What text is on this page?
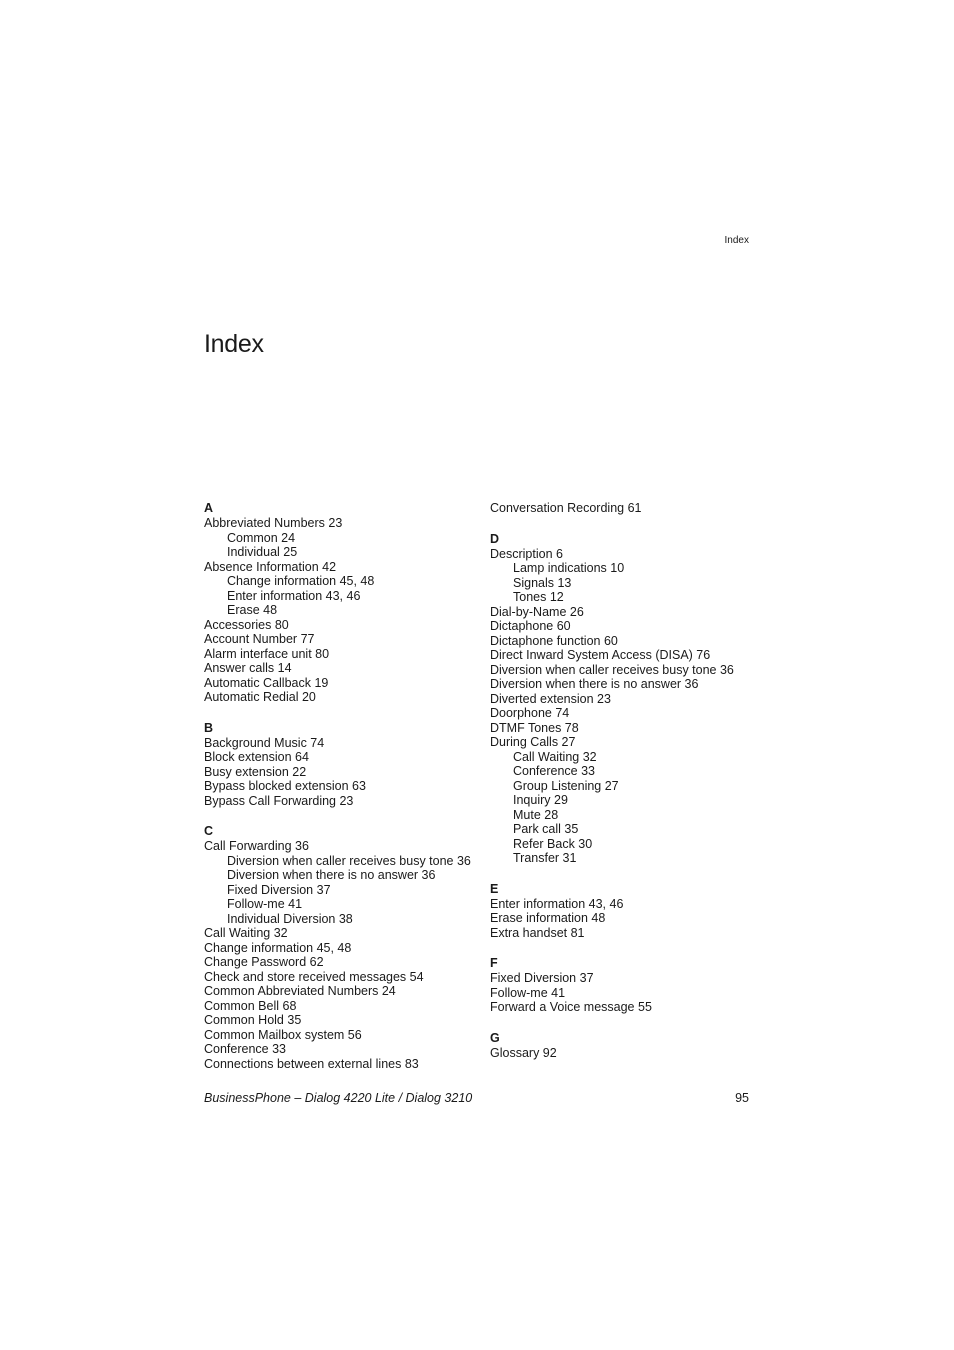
Index
Index
A
Abbreviated Numbers 23
Common 24
Individual 25
Absence Information 42
Change information 45, 48
Enter information 43, 46
Erase 48
Accessories 80
Account Number 77
Alarm interface unit 80
Answer calls 14
Automatic Callback 19
Automatic Redial 20
B
Background Music 74
Block extension 64
Busy extension 22
Bypass blocked extension 63
Bypass Call Forwarding 23
C
Call Forwarding 36
Diversion when caller receives busy tone 36
Diversion when there is no answer 36
Fixed Diversion 37
Follow-me 41
Individual Diversion 38
Call Waiting 32
Change information 45, 48
Change Password 62
Check and store received messages 54
Common Abbreviated Numbers 24
Common Bell 68
Common Hold 35
Common Mailbox system 56
Conference 33
Connections between external lines 83
Conversation Recording 61
D
Description 6
Lamp indications 10
Signals 13
Tones 12
Dial-by-Name 26
Dictaphone 60
Dictaphone function 60
Direct Inward System Access (DISA) 76
Diversion when caller receives busy tone 36
Diversion when there is no answer 36
Diverted extension 23
Doorphone 74
DTMF Tones 78
During Calls 27
Call Waiting 32
Conference 33
Group Listening 27
Inquiry 29
Mute 28
Park call 35
Refer Back 30
Transfer 31
E
Enter information 43, 46
Erase information 48
Extra handset 81
F
Fixed Diversion 37
Follow-me 41
Forward a Voice message 55
G
Glossary 92
BusinessPhone – Dialog 4220 Lite / Dialog 3210	95
